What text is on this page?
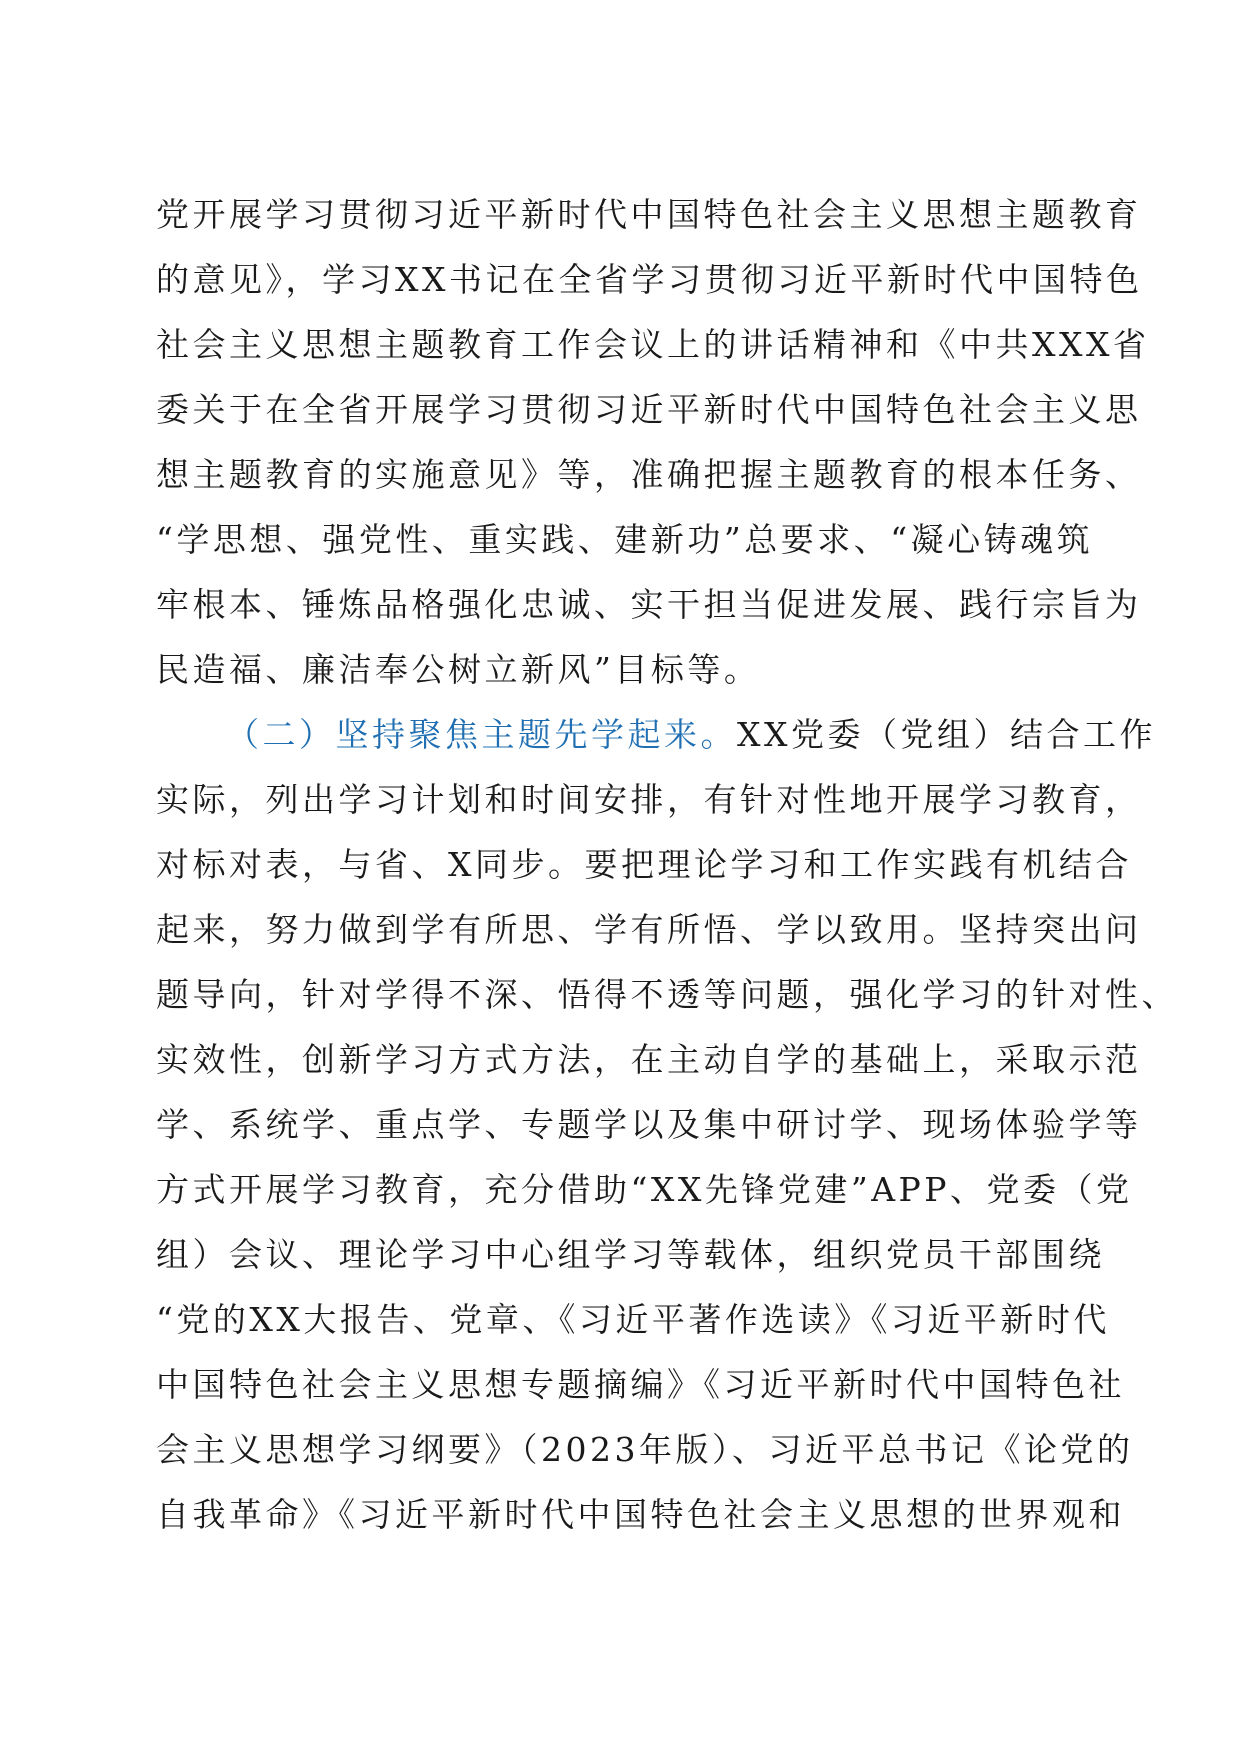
党开展学习贯彻习近平新时代中国特色社会主义思想主题教育
的意见》，学习XX书记在全省学习贯彻习近平新时代中国特色
社会主义思想主题教育工作会议上的讲话精神和《中共XXX省
委关于在全省开展学习贯彻习近平新时代中国特色社会主义思
想主题教育的实施意见》等，准确把握主题教育的根本任务、
“学思想、强党性、重实践、建新功”总要求、“凝心铸魂筑
牢根本、锤炼品格强化忠诚、实干担当促进发展、践行宗旨为
民造福、廉洁奉公树立新风”目标等。
（二）坚持聚焦主题先学起来。XX党委（党组）结合工作
实际，列出学习计划和时间安排，有针对性地开展学习教育，
对标对表，与省、X同步。要把理论学习和工作实践有机结合
起来，努力做到学有所思、学有所悟、学以致用。坚持突出问
题导向，针对学得不深、悟得不透等问题，强化学习的针对性、
实效性，创新学习方式方法，在主动自学的基础上，采取示范
学、系统学、重点学、专题学以及集中研讨学、现场体验学等
方式开展学习教育，充分借助“XX先锋党建”APP、党委（党
组）会议、理论学习中心组学习等载体，组织党员干部围绕
“党的XX大报告、党章、《习近平著作选读》《习近平新时代
中国特色社会主义思想专题摘编》《习近平新时代中国特色社
会主义思想学习纲要》（2023年版）、习近平总书记《论党的
自我革命》《习近平新时代中国特色社会主义思想的世界观和
